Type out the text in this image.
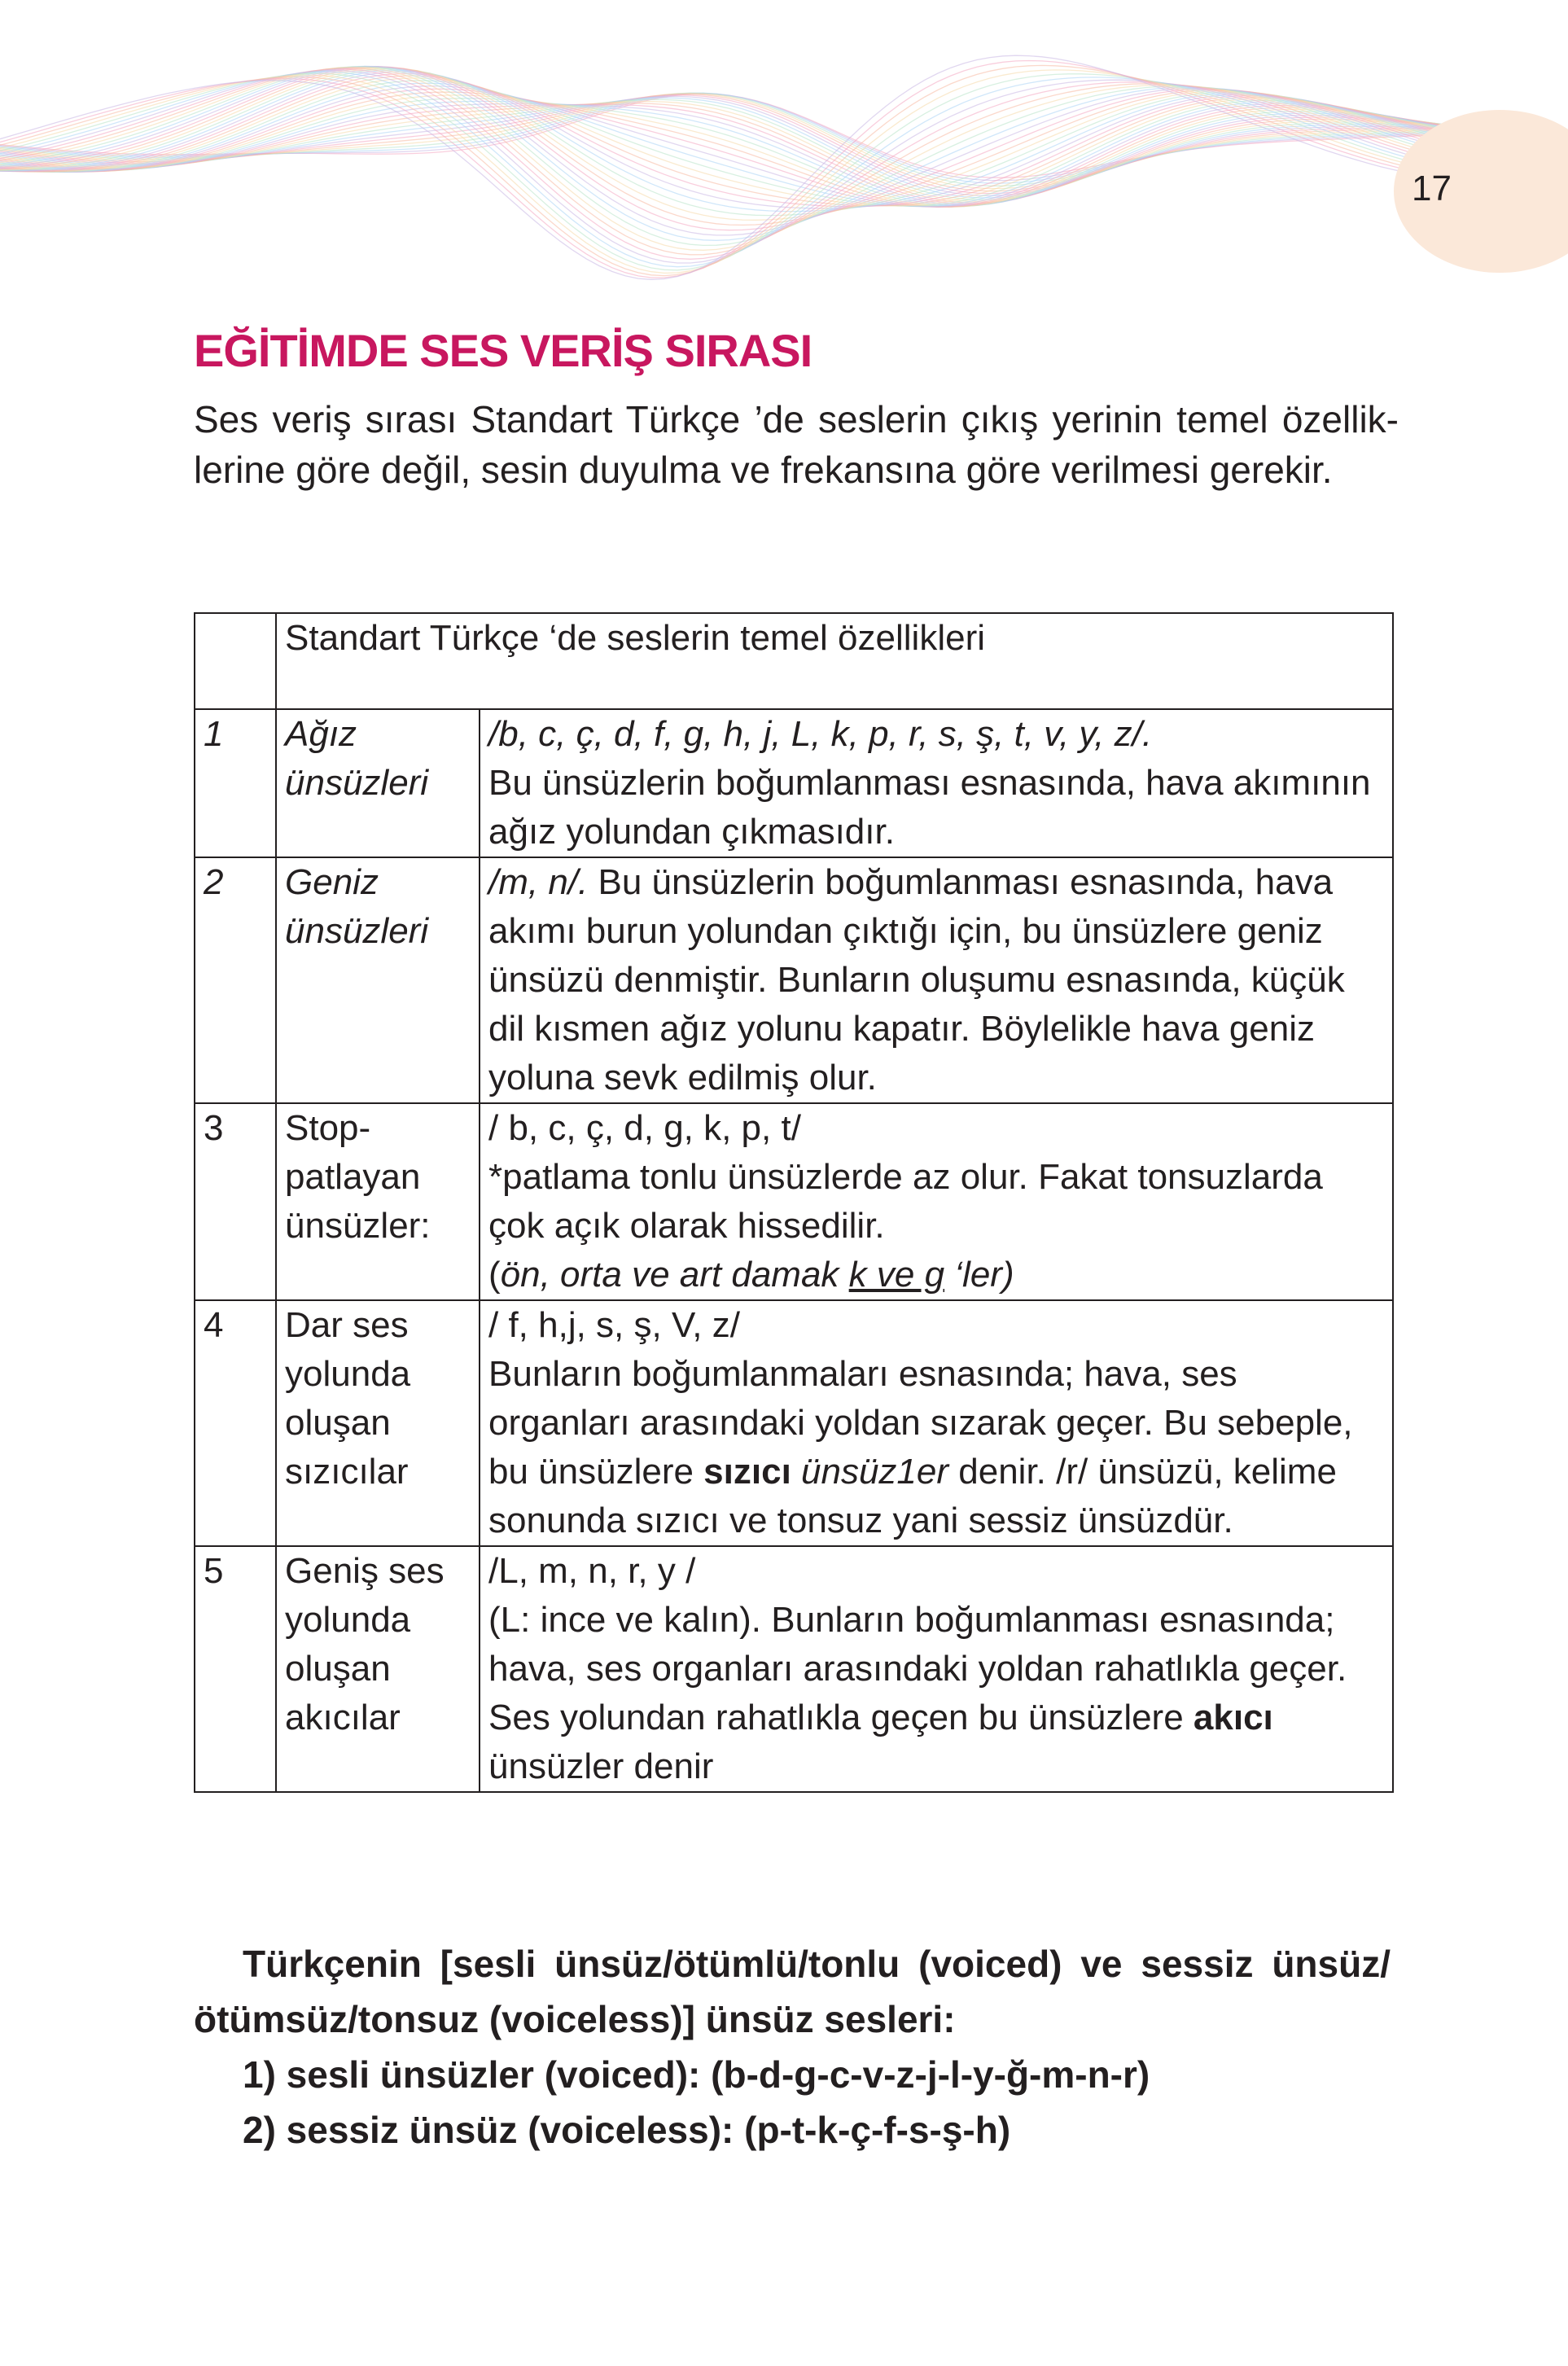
17
EĞİTİMDE SES VERİŞ SIRASI

Ses veriş sırası Standart Türkçe ’de seslerin çıkış yerinin temel özelliklerine göre değil, sesin duyulma ve frekansına göre verilmesi gerekir.

	Standart Türkçe ‘de seslerin temel özellikleri	
1	Ağız ünsüzleri	/b, c, ç, d, f, g, h, j, L, k, p, r, s, ş, t, v, y, z/.
Bu ünsüzlerin boğumlanması esnasında, hava akımının ağız yolundan çıkmasıdır.
2	Geniz ünsüzleri	/m, n/. Bu ünsüzlerin boğumlanması esnasında, hava akımı burun yolundan çıktığı için, bu ünsüzlere geniz ünsüzü denmiştir. Bunların oluşumu esnasında, küçük dil kısmen ağız yolunu kapatır. Böylelikle hava geniz yoluna sevk edilmiş olur.
3	Stop-patlayan ünsüzler:	/ b, c, ç, d, g, k, p, t/
*patlama tonlu ünsüzlerde az olur. Fakat tonsuzlarda çok açık olarak hissedilir.
(ön, orta ve art damak k ve g ‘ler)
4	Dar ses yolunda oluşan sızıcılar	/ f, h,j, s, ş, V, z/
Bunların boğumlanmaları esnasında; hava, ses organları arasındaki yoldan sızarak geçer. Bu sebeple, bu ünsüzlere sızıcı ünsüz1er denir. /r/ ünsüzü, kelime sonunda sızıcı ve tonsuz yani sessiz ünsüzdür.
5	Geniş ses yolunda oluşan akıcılar	/L, m, n, r, y /
(L: ince ve kalın). Bunların boğumlanması esnasında; hava, ses organları arasındaki yoldan rahatlıkla geçer. Ses yolundan rahatlıkla geçen bu ünsüzlere akıcı ünsüzler denir

Türkçenin [sesli ünsüz/ötümlü/tonlu (voiced) ve sessiz ünsüz/ötümsüz/tonsuz (voiceless)] ünsüz sesleri:

1) sesli ünsüzler (voiced): (b-d-g-c-v-z-j-l-y-ğ-m-n-r)

2) sessiz ünsüz (voiceless): (p-t-k-ç-f-s-ş-h)
